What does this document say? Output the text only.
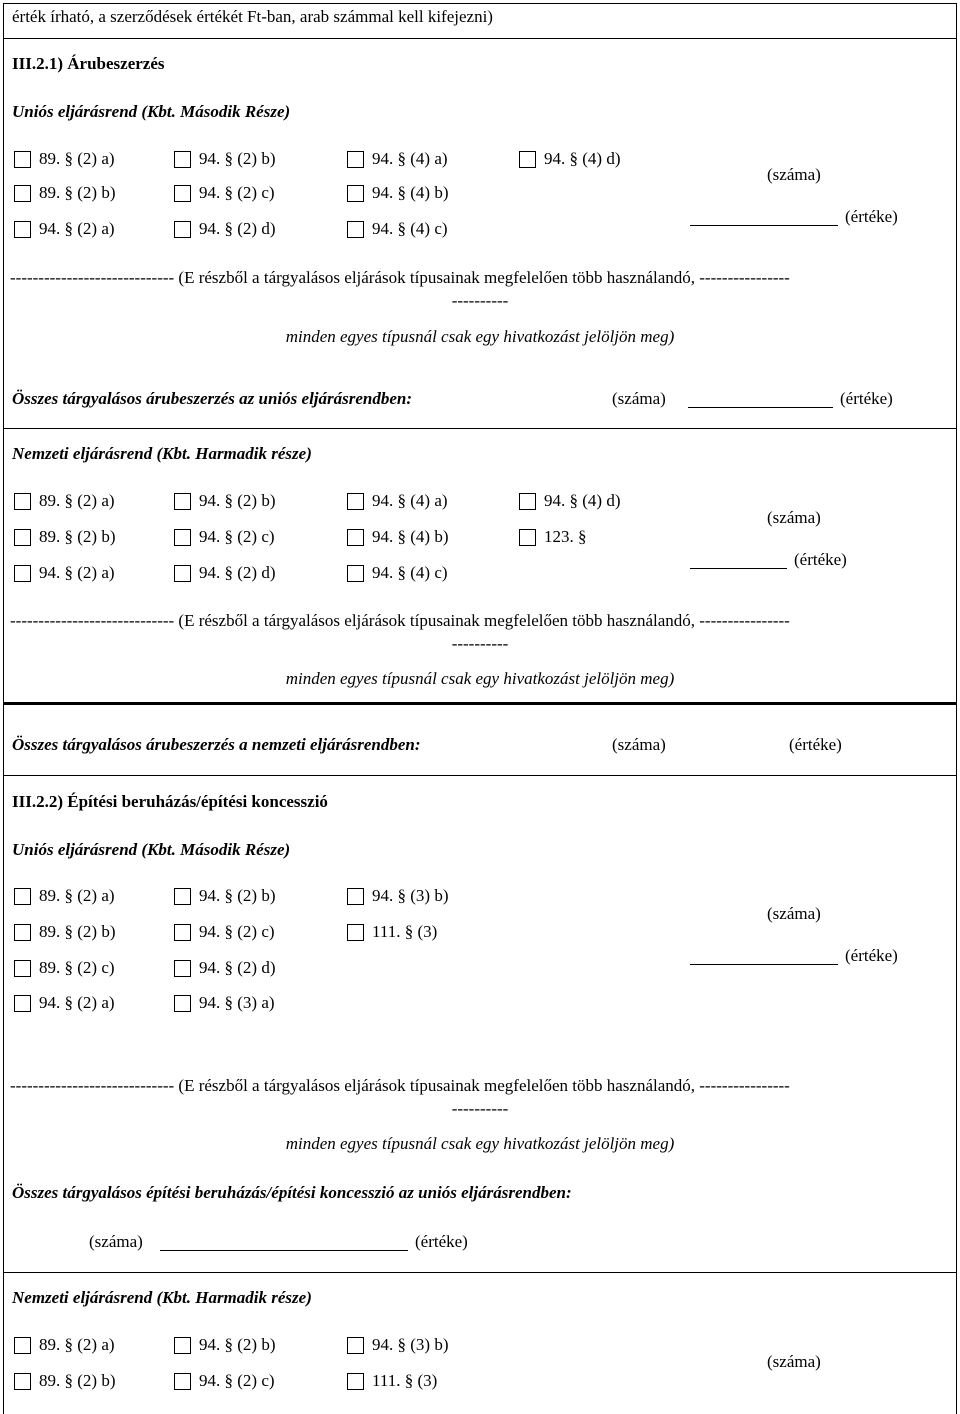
érték írható, a szerződések értékét Ft-ban, arab számmal kell kifejezni)
III.2.1) Árubeszerzés
Uniós eljárásrend (Kbt. Második Része)
89. § (2) a)	94. § (2) b)	94. § (4) a)	94. § (4) d)
89. § (2) b)	94. § (2) c)	94. § (4) b)
94. § (2) a)	94. § (2) d)	94. § (4) c)
(száma)
(értéke)
----------------------------- (E részből a tárgyalásos eljárások típusainak megfelelően több használandó, ----------------
----------
minden egyes típusnál csak egy hivatkozást jelöljön meg)
Összes tárgyalásos árubeszerzés az uniós eljárásrendben:	(száma)	(értéke)
Nemzeti eljárásrend (Kbt. Harmadik része)
89. § (2) a)	94. § (2) b)	94. § (4) a)	94. § (4) d)
89. § (2) b)	94. § (2) c)	94. § (4) b)	123. §
94. § (2) a)	94. § (2) d)	94. § (4) c)
(száma)
(értéke)
----------------------------- (E részből a tárgyalásos eljárások típusainak megfelelően több használandó, ----------------
----------
minden egyes típusnál csak egy hivatkozást jelöljön meg)
Összes tárgyalásos árubeszerzés a nemzeti eljárásrendben:	(száma)	(értéke)
III.2.2) Építési beruházás/építési koncesszió
Uniós eljárásrend (Kbt. Második Része)
89. § (2) a)	94. § (2) b)	94. § (3) b)
89. § (2) b)	94. § (2) c)	111. § (3)
89. § (2) c)	94. § (2) d)
94. § (2) a)	94. § (3) a)
(száma)
(értéke)
----------------------------- (E részből a tárgyalásos eljárások típusainak megfelelően több használandó, ----------------
----------
minden egyes típusnál csak egy hivatkozást jelöljön meg)
Összes tárgyalásos építési beruházás/építési koncesszió az uniós eljárásrendben:
(száma)	(értéke)
Nemzeti eljárásrend (Kbt. Harmadik része)
89. § (2) a)	94. § (2) b)	94. § (3) b)
89. § (2) b)	94. § (2) c)	111. § (3)
(száma)
